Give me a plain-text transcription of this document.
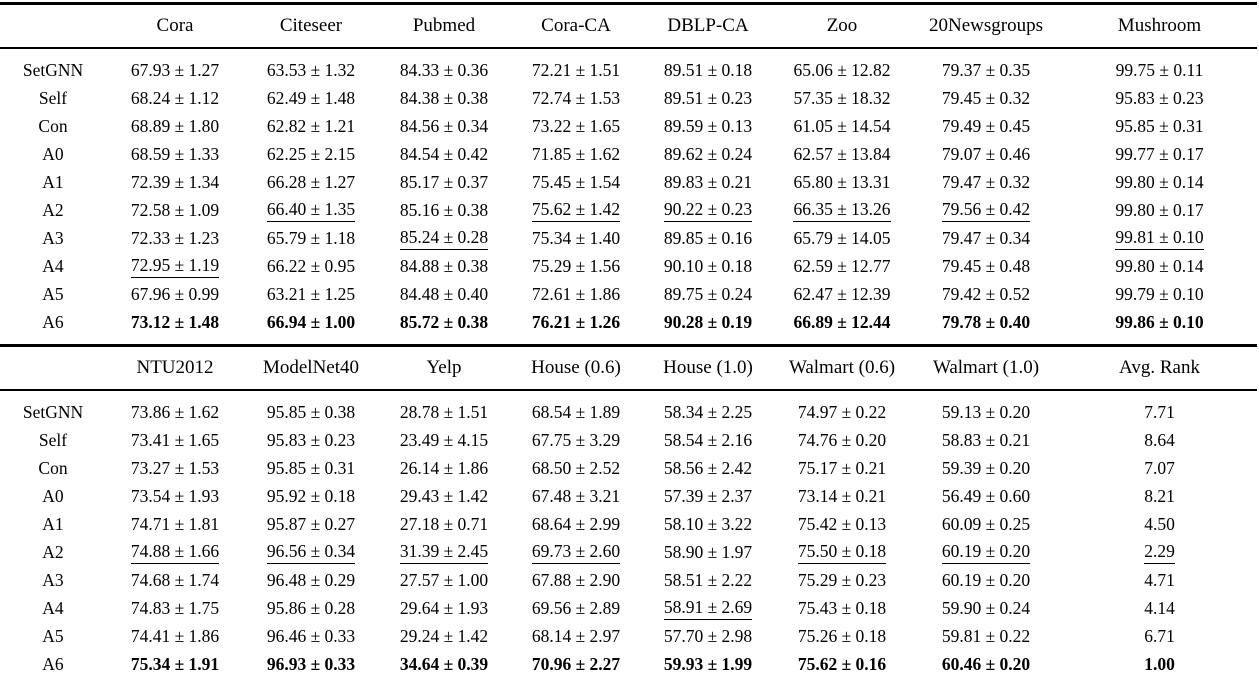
	Cora	Citeseer	Pubmed	Cora-CA	DBLP-CA	Zoo	20Newsgroups	Mushroom
SetGNN	67.93 ± 1.27	63.53 ± 1.32	84.33 ± 0.36	72.21 ± 1.51	89.51 ± 0.18	65.06 ± 12.82	79.37 ± 0.35	99.75 ± 0.11
Self	68.24 ± 1.12	62.49 ± 1.48	84.38 ± 0.38	72.74 ± 1.53	89.51 ± 0.23	57.35 ± 18.32	79.45 ± 0.32	95.83 ± 0.23
Con	68.89 ± 1.80	62.82 ± 1.21	84.56 ± 0.34	73.22 ± 1.65	89.59 ± 0.13	61.05 ± 14.54	79.49 ± 0.45	95.85 ± 0.31
A0	68.59 ± 1.33	62.25 ± 2.15	84.54 ± 0.42	71.85 ± 1.62	89.62 ± 0.24	62.57 ± 13.84	79.07 ± 0.46	99.77 ± 0.17
A1	72.39 ± 1.34	66.28 ± 1.27	85.17 ± 0.37	75.45 ± 1.54	89.83 ± 0.21	65.80 ± 13.31	79.47 ± 0.32	99.80 ± 0.14
A2	72.58 ± 1.09	66.40 ± 1.35	85.16 ± 0.38	75.62 ± 1.42	90.22 ± 0.23	66.35 ± 13.26	79.56 ± 0.42	99.80 ± 0.17
A3	72.33 ± 1.23	65.79 ± 1.18	85.24 ± 0.28	75.34 ± 1.40	89.85 ± 0.16	65.79 ± 14.05	79.47 ± 0.34	99.81 ± 0.10
A4	72.95 ± 1.19	66.22 ± 0.95	84.88 ± 0.38	75.29 ± 1.56	90.10 ± 0.18	62.59 ± 12.77	79.45 ± 0.48	99.80 ± 0.14
A5	67.96 ± 0.99	63.21 ± 1.25	84.48 ± 0.40	72.61 ± 1.86	89.75 ± 0.24	62.47 ± 12.39	79.42 ± 0.52	99.79 ± 0.10
A6	73.12 ± 1.48	66.94 ± 1.00	85.72 ± 0.38	76.21 ± 1.26	90.28 ± 0.19	66.89 ± 12.44	79.78 ± 0.40	99.86 ± 0.10
	NTU2012	ModelNet40	Yelp	House (0.6)	House (1.0)	Walmart (0.6)	Walmart (1.0)	Avg. Rank
SetGNN	73.86 ± 1.62	95.85 ± 0.38	28.78 ± 1.51	68.54 ± 1.89	58.34 ± 2.25	74.97 ± 0.22	59.13 ± 0.20	7.71
Self	73.41 ± 1.65	95.83 ± 0.23	23.49 ± 4.15	67.75 ± 3.29	58.54 ± 2.16	74.76 ± 0.20	58.83 ± 0.21	8.64
Con	73.27 ± 1.53	95.85 ± 0.31	26.14 ± 1.86	68.50 ± 2.52	58.56 ± 2.42	75.17 ± 0.21	59.39 ± 0.20	7.07
A0	73.54 ± 1.93	95.92 ± 0.18	29.43 ± 1.42	67.48 ± 3.21	57.39 ± 2.37	73.14 ± 0.21	56.49 ± 0.60	8.21
A1	74.71 ± 1.81	95.87 ± 0.27	27.18 ± 0.71	68.64 ± 2.99	58.10 ± 3.22	75.42 ± 0.13	60.09 ± 0.25	4.50
A2	74.88 ± 1.66	96.56 ± 0.34	31.39 ± 2.45	69.73 ± 2.60	58.90 ± 1.97	75.50 ± 0.18	60.19 ± 0.20	2.29
A3	74.68 ± 1.74	96.48 ± 0.29	27.57 ± 1.00	67.88 ± 2.90	58.51 ± 2.22	75.29 ± 0.23	60.19 ± 0.20	4.71
A4	74.83 ± 1.75	95.86 ± 0.28	29.64 ± 1.93	69.56 ± 2.89	58.91 ± 2.69	75.43 ± 0.18	59.90 ± 0.24	4.14
A5	74.41 ± 1.86	96.46 ± 0.33	29.24 ± 1.42	68.14 ± 2.97	57.70 ± 2.98	75.26 ± 0.18	59.81 ± 0.22	6.71
A6	75.34 ± 1.91	96.93 ± 0.33	34.64 ± 0.39	70.96 ± 2.27	59.93 ± 1.99	75.62 ± 0.16	60.46 ± 0.20	1.00
